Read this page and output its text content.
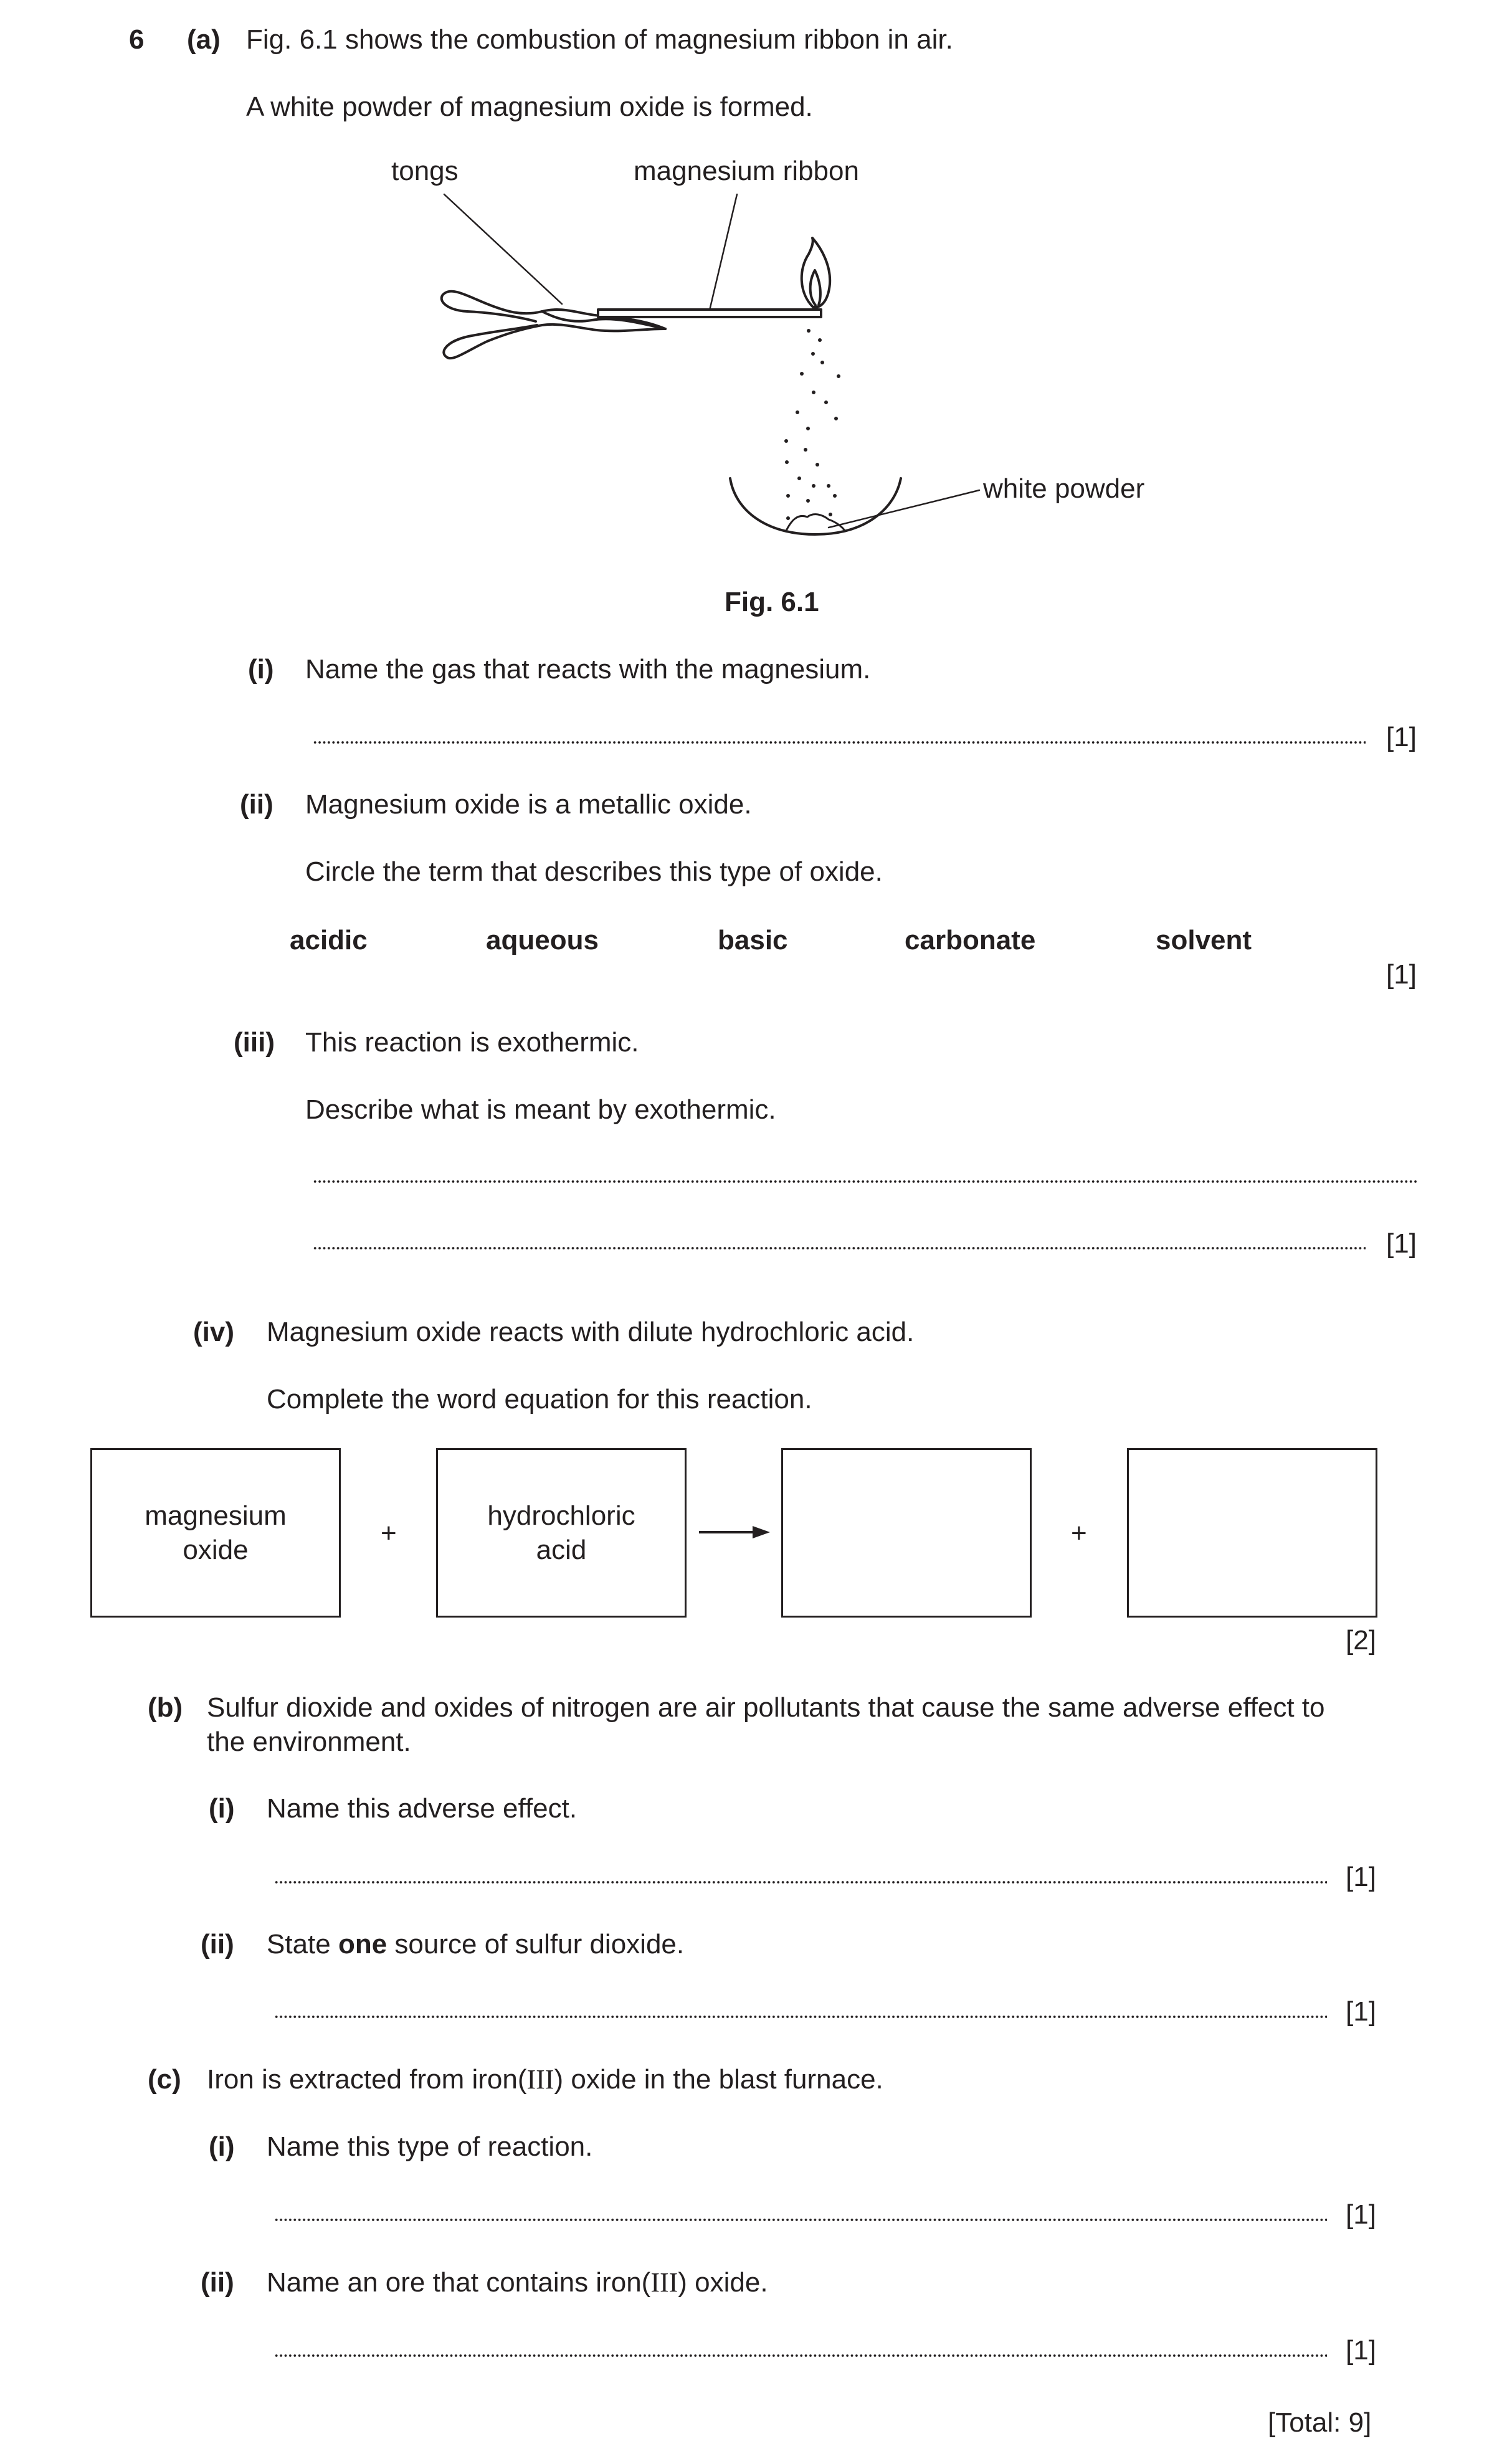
6 (a) Fig. 6.1 shows the combustion of magnesium ribbon in air.
A white powder of magnesium oxide is formed.
tongs	magnesium ribbon
white powder
Fig. 6.1
(i) Name the gas that reacts with the magnesium.
[1]
(ii) Magnesium oxide is a metallic oxide.
Circle the term that describes this type of oxide.
acidic	aqueous	basic	carbonate	solvent
[1]
(iii) This reaction is exothermic.
Describe what is meant by exothermic.
[1]
(iv) Magnesium oxide reacts with dilute hydrochloric acid.
Complete the word equation for this reaction.
magnesium
oxide
+
hydrochloric
acid
+
[2]
(b) Sulfur dioxide and oxides of nitrogen are air pollutants that cause the same adverse effect to
the environment.
(i) Name this adverse effect.
[1]
(ii) State one source of sulfur dioxide.
[1]
(c) Iron is extracted from iron(III) oxide in the blast furnace.
(i) Name this type of reaction.
[1]
(ii) Name an ore that contains iron(III) oxide.
[1]
[Total: 9]
